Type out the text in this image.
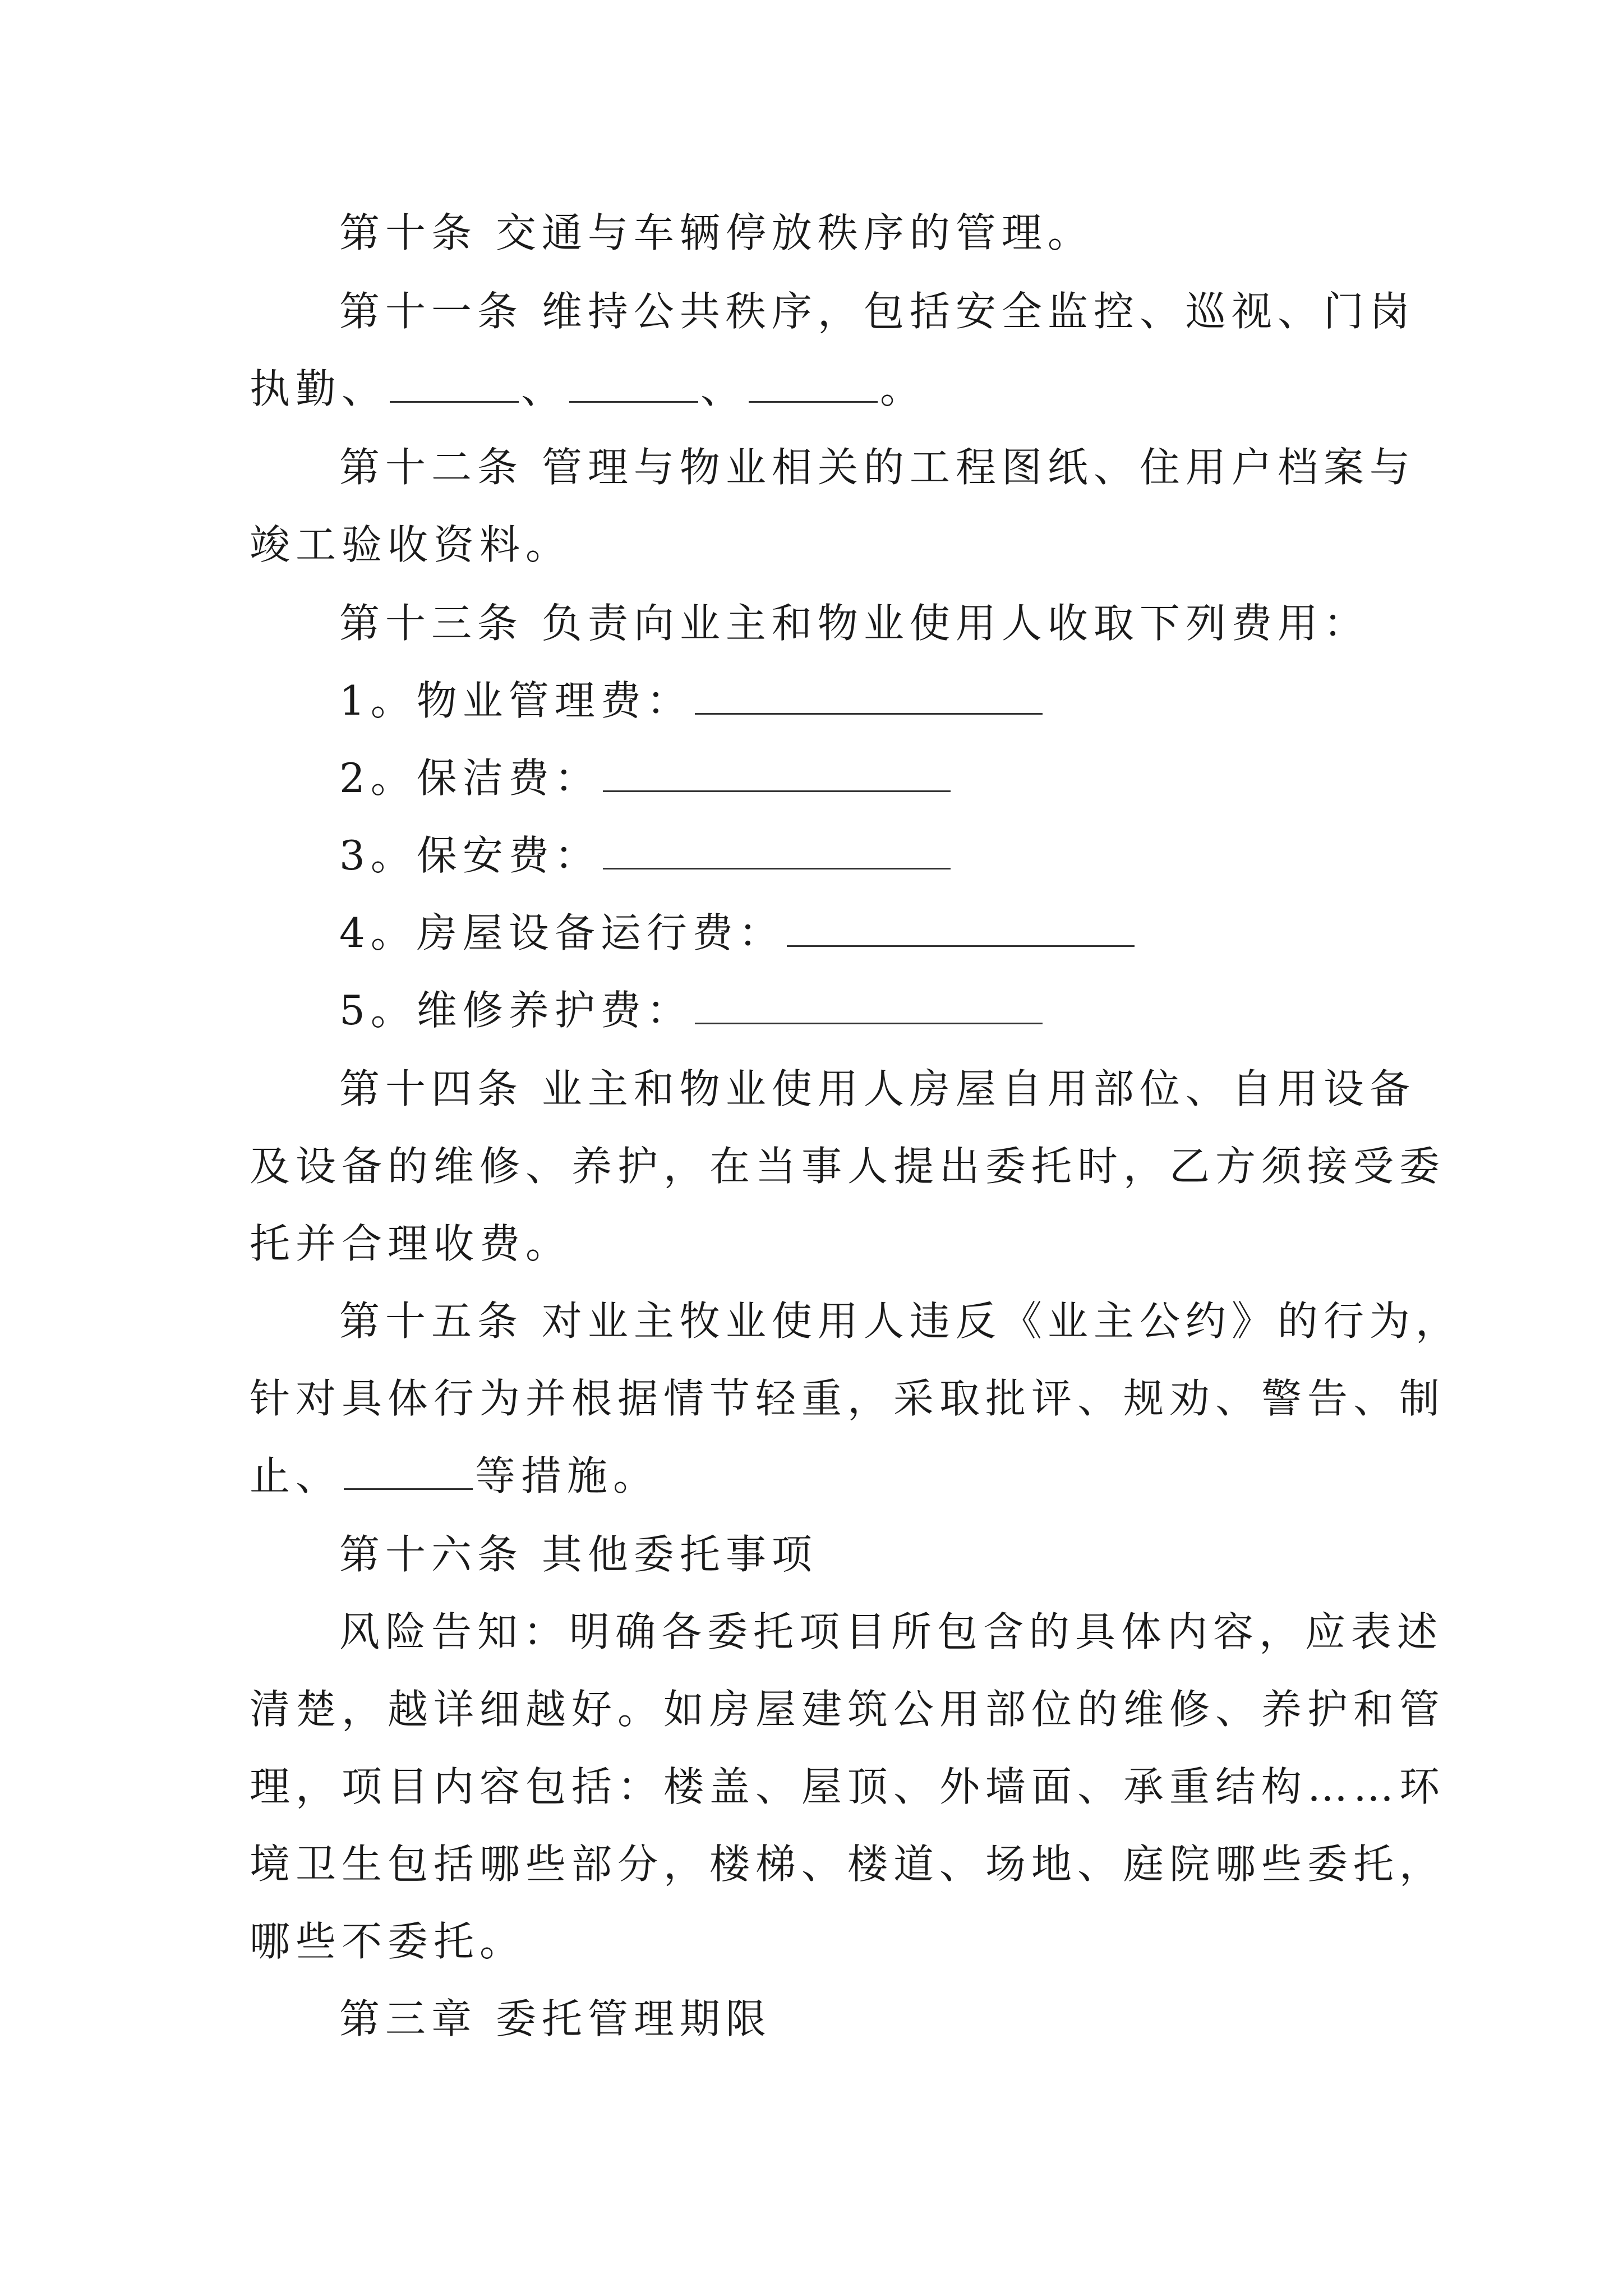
第十条 交通与车辆停放秩序的管理。
第十一条 维持公共秩序，包括安全监控、巡视、门岗
执勤、	、	、	。
第十二条 管理与物业相关的工程图纸、住用户档案与
竣工验收资料。
第十三条 负责向业主和物业使用人收取下列费用：
1。物业管理费：
2。保洁费：
3。保安费：
4。房屋设备运行费：
5。维修养护费：
第十四条 业主和物业使用人房屋自用部位、自用设备
及设备的维修、养护，在当事人提出委托时，乙方须接受委
托并合理收费。
第十五条 对业主牧业使用人违反《业主公约》的行为，
针对具体行为并根据情节轻重，采取批评、规劝、警告、制
止、	等措施。
第十六条 其他委托事项
风险告知：明确各委托项目所包含的具体内容，应表述
清楚，越详细越好。如房屋建筑公用部位的维修、养护和管
理，项目内容包括：楼盖、屋顶、外墙面、承重结构……环
境卫生包括哪些部分，楼梯、楼道、场地、庭院哪些委托，
哪些不委托。
第三章 委托管理期限
